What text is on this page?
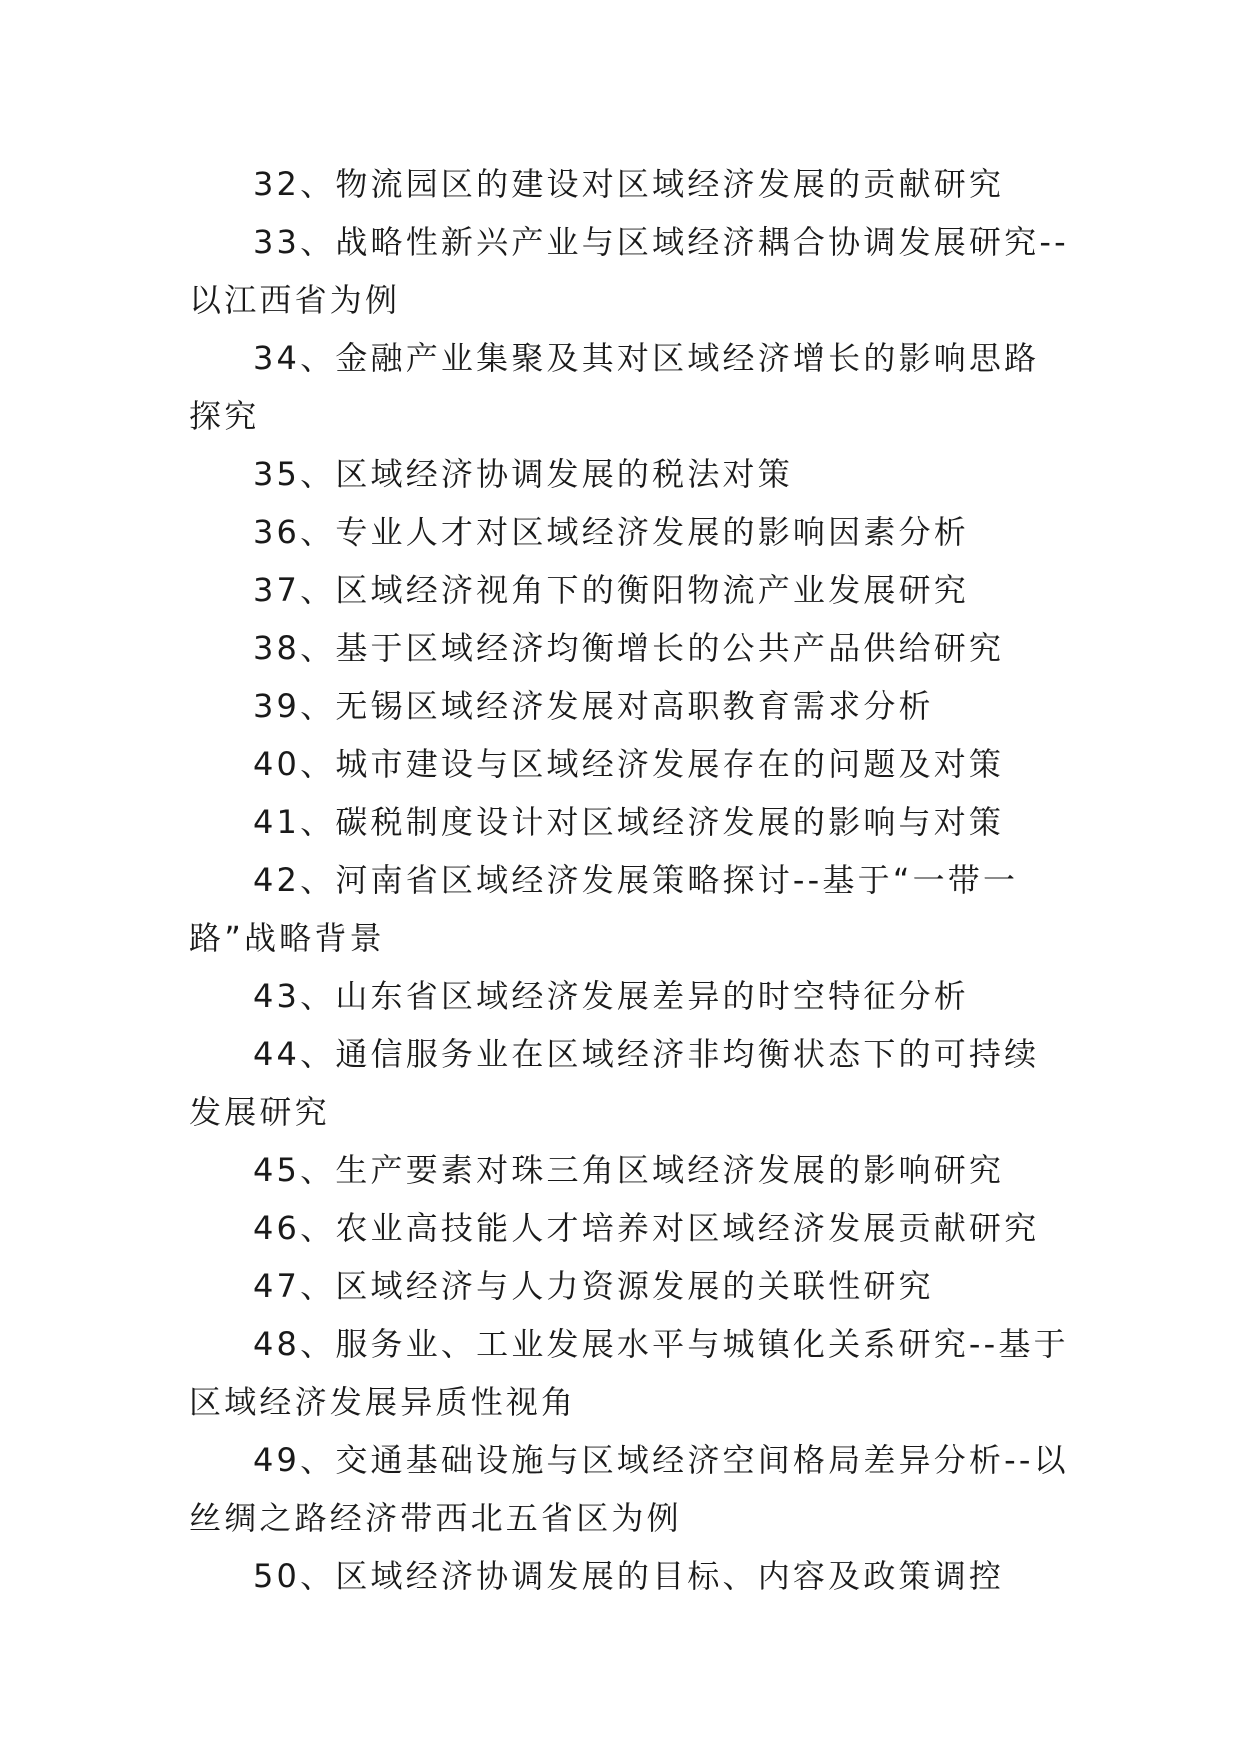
32、物流园区的建设对区域经济发展的贡献研究

33、战略性新兴产业与区域经济耦合协调发展研究--以江西省为例

34、金融产业集聚及其对区域经济增长的影响思路探究

35、区域经济协调发展的税法对策

36、专业人才对区域经济发展的影响因素分析

37、区域经济视角下的衡阳物流产业发展研究

38、基于区域经济均衡增长的公共产品供给研究

39、无锡区域经济发展对高职教育需求分析

40、城市建设与区域经济发展存在的问题及对策

41、碳税制度设计对区域经济发展的影响与对策

42、河南省区域经济发展策略探讨--基于“一带一路”战略背景

43、山东省区域经济发展差异的时空特征分析

44、通信服务业在区域经济非均衡状态下的可持续发展研究

45、生产要素对珠三角区域经济发展的影响研究

46、农业高技能人才培养对区域经济发展贡献研究

47、区域经济与人力资源发展的关联性研究

48、服务业、工业发展水平与城镇化关系研究--基于区域经济发展异质性视角

49、交通基础设施与区域经济空间格局差异分析--以丝绸之路经济带西北五省区为例

50、区域经济协调发展的目标、内容及政策调控
